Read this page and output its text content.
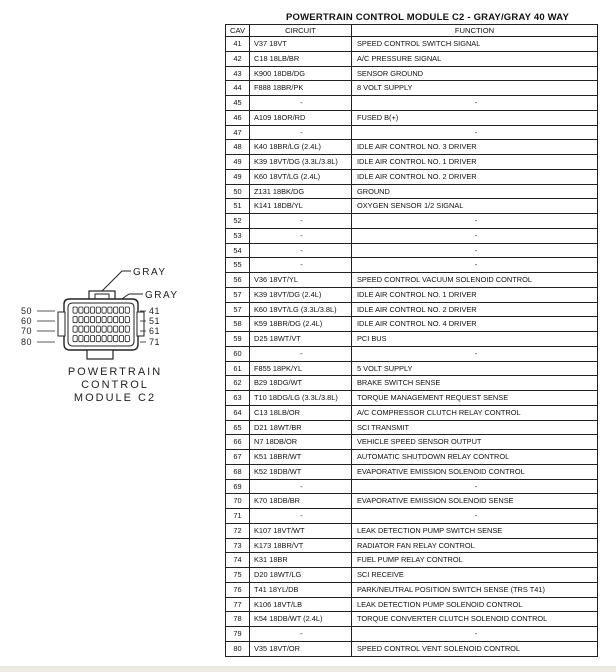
GRAY
GRAY
50
60
70
80
41
51
61
71
POWERTRAIN
CONTROL
MODULE C2
POWERTRAIN CONTROL MODULE C2 - GRAY/GRAY 40 WAY
CAV	CIRCUIT	FUNCTION
41	V37 18VT	SPEED CONTROL SWITCH SIGNAL
42	C18 18LB/BR	A/C PRESSURE SIGNAL
43	K900 18DB/DG	SENSOR GROUND
44	F888 18BR/PK	8 VOLT SUPPLY
45	-	-
46	A109 18OR/RD	FUSED B(+)
47	-	-
48	K40 18BR/LG (2.4L)	IDLE AIR CONTROL NO. 3 DRIVER
49	K39 18VT/DG (3.3L/3.8L)	IDLE AIR CONTROL NO. 1 DRIVER
49	K60 18VT/LG (2.4L)	IDLE AIR CONTROL NO. 2 DRIVER
50	Z131 18BK/DG	GROUND
51	K141 18DB/YL	OXYGEN SENSOR 1/2 SIGNAL
52	-	-
53	-	-
54	-	-
55	-	-
56	V36 18VT/YL	SPEED CONTROL VACUUM SOLENOID CONTROL
57	K39 18VT/DG (2.4L)	IDLE AIR CONTROL NO. 1 DRIVER
57	K60 18VT/LG (3.3L/3.8L)	IDLE AIR CONTROL NO. 2 DRIVER
58	K59 18BR/DG (2.4L)	IDLE AIR CONTROL NO. 4 DRIVER
59	D25 18WT/VT	PCI BUS
60	-	-
61	F855 18PK/YL	5 VOLT SUPPLY
62	B29 18DG/WT	BRAKE SWITCH SENSE
63	T10 18DG/LG (3.3L/3.8L)	TORQUE MANAGEMENT REQUEST SENSE
64	C13 18LB/OR	A/C COMPRESSOR CLUTCH RELAY CONTROL
65	D21 18WT/BR	SCI TRANSMIT
66	N7 18DB/OR	VEHICLE SPEED SENSOR OUTPUT
67	K51 18BR/WT	AUTOMATIC SHUTDOWN RELAY CONTROL
68	K52 18DB/WT	EVAPORATIVE EMISSION SOLENOID CONTROL
69	-	-
70	K70 18DB/BR	EVAPORATIVE EMISSION SOLENOID SENSE
71	-	-
72	K107 18VT/WT	LEAK DETECTION PUMP SWITCH SENSE
73	K173 18BR/VT	RADIATOR FAN RELAY CONTROL
74	K31 18BR	FUEL PUMP RELAY CONTROL
75	D20 18WT/LG	SCI RECEIVE
76	T41 18YL/DB	PARK/NEUTRAL POSITION SWITCH SENSE (TRS T41)
77	K106 18VT/LB	LEAK DETECTION PUMP SOLENOID CONTROL
78	K54 18DB/WT (2.4L)	TORQUE CONVERTER CLUTCH SOLENOID CONTROL
79	-	-
80	V35 18VT/OR	SPEED CONTROL VENT SOLENOID CONTROL
